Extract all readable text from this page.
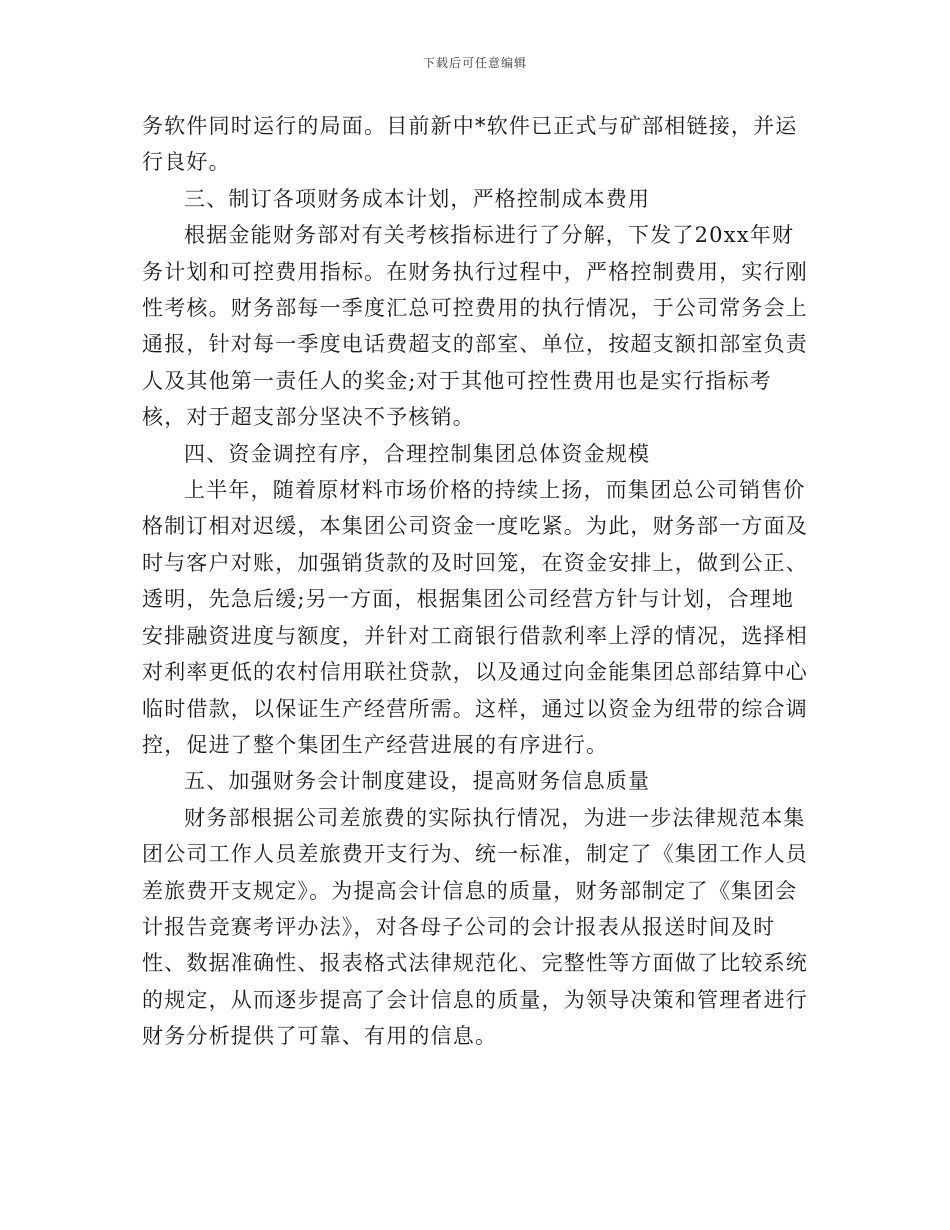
下载后可任意编辑

务软件同时运行的局面。目前新中*软件已正式与矿部相链接，并运行良好。

三、制订各项财务成本计划，严格控制成本费用

根据金能财务部对有关考核指标进行了分解，下发了20xx年财务计划和可控费用指标。在财务执行过程中，严格控制费用，实行刚性考核。财务部每一季度汇总可控费用的执行情况，于公司常务会上通报，针对每一季度电话费超支的部室、单位，按超支额扣部室负责人及其他第一责任人的奖金;对于其他可控性费用也是实行指标考核，对于超支部分坚决不予核销。

四、资金调控有序，合理控制集团总体资金规模

上半年，随着原材料市场价格的持续上扬，而集团总公司销售价格制订相对迟缓，本集团公司资金一度吃紧。为此，财务部一方面及时与客户对账，加强销货款的及时回笼，在资金安排上，做到公正、透明，先急后缓;另一方面，根据集团公司经营方针与计划，合理地安排融资进度与额度，并针对工商银行借款利率上浮的情况，选择相对利率更低的农村信用联社贷款，以及通过向金能集团总部结算中心临时借款，以保证生产经营所需。这样，通过以资金为纽带的综合调控，促进了整个集团生产经营进展的有序进行。

五、加强财务会计制度建设，提高财务信息质量

财务部根据公司差旅费的实际执行情况，为进一步法律规范本集团公司工作人员差旅费开支行为、统一标准，制定了《集团工作人员差旅费开支规定》。为提高会计信息的质量，财务部制定了《集团会计报告竞赛考评办法》，对各母子公司的会计报表从报送时间及时性、数据准确性、报表格式法律规范化、完整性等方面做了比较系统的规定，从而逐步提高了会计信息的质量，为领导决策和管理者进行财务分析提供了可靠、有用的信息。
